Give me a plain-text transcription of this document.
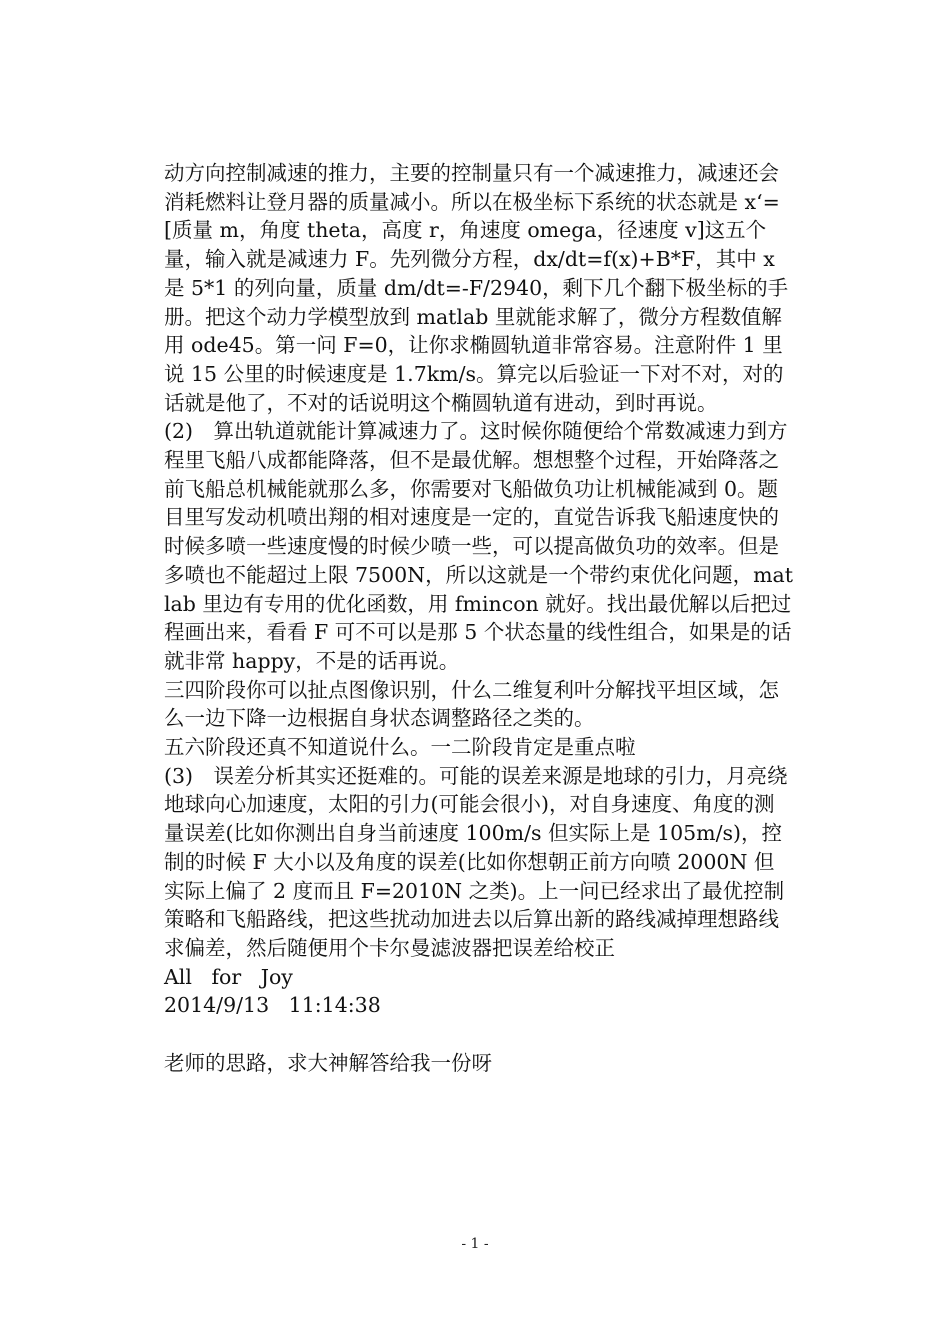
动方向控制减速的推力，主要的控制量只有一个减速推力，减速还会消耗燃料让登月器的质量减小。所以在极坐标下系统的状态就是 x‘=[质量 m，角度 theta，高度 r，角速度 omega，径速度 v]这五个量，输入就是减速力 F。先列微分方程，dx/dt=f(x)+B*F，其中 x 是 5*1 的列向量，质量 dm/dt=-F/2940，剩下几个翻下极坐标的手册。把这个动力学模型放到 matlab 里就能求解了，微分方程数值解用 ode45。第一问 F=0，让你求椭圆轨道非常容易。注意附件 1 里说 15 公里的时候速度是 1.7km/s。算完以后验证一下对不对，对的话就是他了，不对的话说明这个椭圆轨道有进动，到时再说。

(2)　算出轨道就能计算减速力了。这时候你随便给个常数减速力到方程里飞船八成都能降落，但不是最优解。想想整个过程，开始降落之前飞船总机械能就那么多，你需要对飞船做负功让机械能减到 0。题目里写发动机喷出翔的相对速度是一定的，直觉告诉我飞船速度快的时候多喷一些速度慢的时候少喷一些，可以提高做负功的效率。但是多喷也不能超过上限 7500N，所以这就是一个带约束优化问题，matlab 里边有专用的优化函数，用 fmincon 就好。找出最优解以后把过程画出来，看看 F 可不可以是那 5 个状态量的线性组合，如果是的话就非常 happy，不是的话再说。

三四阶段你可以扯点图像识别，什么二维复利叶分解找平坦区域，怎么一边下降一边根据自身状态调整路径之类的。

五六阶段还真不知道说什么。一二阶段肯定是重点啦

(3)　误差分析其实还挺难的。可能的误差来源是地球的引力，月亮绕地球向心加速度，太阳的引力(可能会很小)，对自身速度、角度的测量误差(比如你测出自身当前速度 100m/s 但实际上是 105m/s)，控制的时候 F 大小以及角度的误差(比如你想朝正前方向喷 2000N 但实际上偏了 2 度而且 F=2010N 之类)。上一问已经求出了最优控制策略和飞船路线，把这些扰动加进去以后算出新的路线减掉理想路线求偏差，然后随便用个卡尔曼滤波器把误差给校正

All   for   Joy

2014/9/13   11:14:38

老师的思路，求大神解答给我一份呀

- 1 -
